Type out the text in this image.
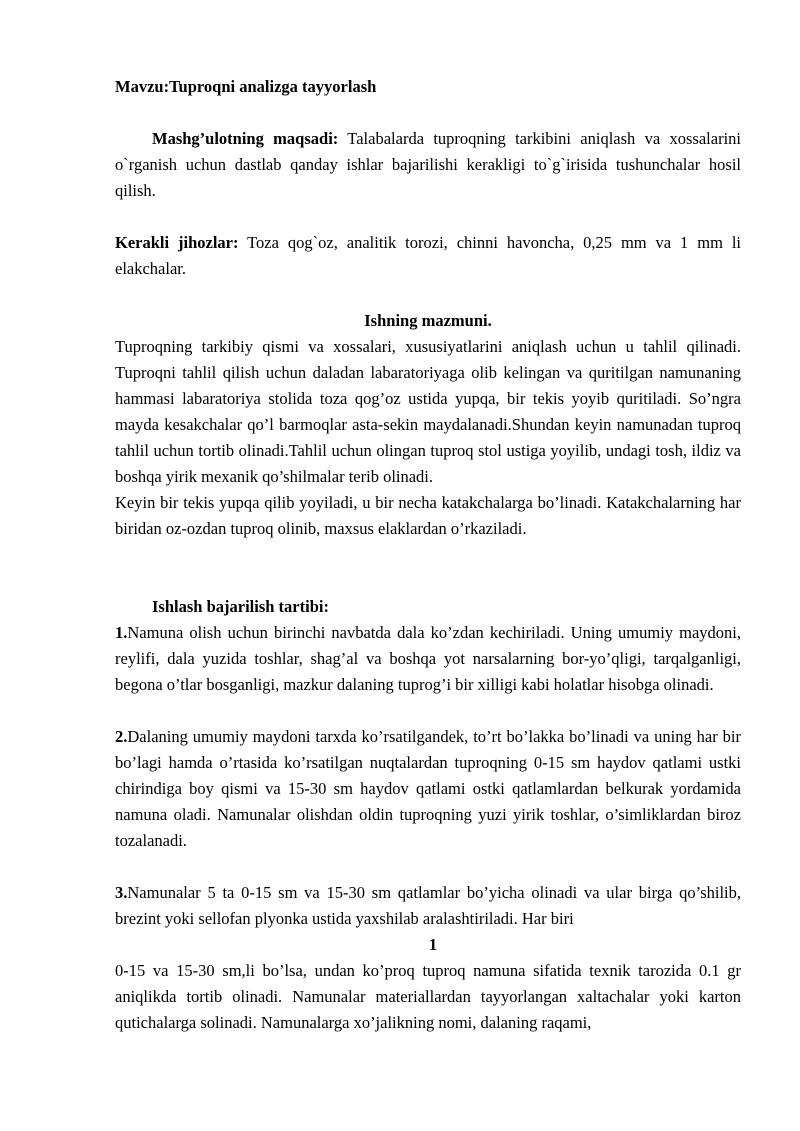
Mavzu:Tuproqni analizga tayyorlash

Mashg’ulotning maqsadi: Talabalarda tuproqning tarkibini aniqlash va xossalarini o`rganish uchun dastlab qanday ishlar bajarilishi kerakligi to`g`irisida tushunchalar hosil qilish.

Kerakli jihozlar: Toza qog`oz, analitik torozi, chinni havoncha, 0,25 mm va 1 mm li elakchalar.

Ishning mazmuni.

Tuproqning tarkibiy qismi va xossalari, xususiyatlarini aniqlash uchun u tahlil qilinadi. Tuproqni tahlil qilish uchun daladan labaratoriyaga olib kelingan va quritilgan namunaning hammasi labaratoriya stolida toza qog’oz ustida yupqa, bir tekis yoyib quritiladi. So’ngra mayda kesakchalar qo’l barmoqlar asta-sekin maydalanadi.Shundan keyin namunadan tuproq tahlil uchun tortib olinadi.Tahlil uchun olingan tuproq stol ustiga yoyilib, undagi tosh, ildiz va boshqa yirik mexanik qo’shilmalar terib olinadi.

Keyin bir tekis yupqa qilib yoyiladi, u bir necha katakchalarga bo’linadi. Katakchalarning har biridan oz-ozdan tuproq olinib, maxsus elaklardan o’rkaziladi.

Ishlash bajarilish tartibi:

1.Namuna olish uchun birinchi navbatda dala ko’zdan kechiriladi. Uning umumiy maydoni, reylifi, dala yuzida toshlar, shag’al va boshqa yot narsalarning bor-yo’qligi, tarqalganligi, begona o’tlar bosganligi, mazkur dalaning tuprog’i bir xilligi kabi holatlar hisobga olinadi.

2.Dalaning umumiy maydoni tarxda ko’rsatilgandek, to’rt bo’lakka bo’linadi va uning har bir bo’lagi hamda o’rtasida ko’rsatilgan nuqtalardan tuproqning 0-15 sm haydov qatlami ustki chirindiga boy qismi va 15-30 sm haydov qatlami ostki qatlamlardan belkurak yordamida namuna oladi. Namunalar olishdan oldin tuproqning yuzi yirik toshlar, o’simliklardan biroz tozalanadi.

3.Namunalar 5 ta 0-15 sm va 15-30 sm qatlamlar bo’yicha olinadi va ular birga qo’shilib, brezint yoki sellofan plyonka ustida yaxshilab aralashtiriladi. Har biri

1

0-15 va 15-30 sm,li bo’lsa, undan ko’proq tuproq namuna sifatida texnik tarozida 0.1 gr aniqlikda tortib olinadi. Namunalar materiallardan tayyorlangan xaltachalar yoki karton qutichalarga solinadi. Namunalarga xo’jalikning nomi, dalaning raqami,
